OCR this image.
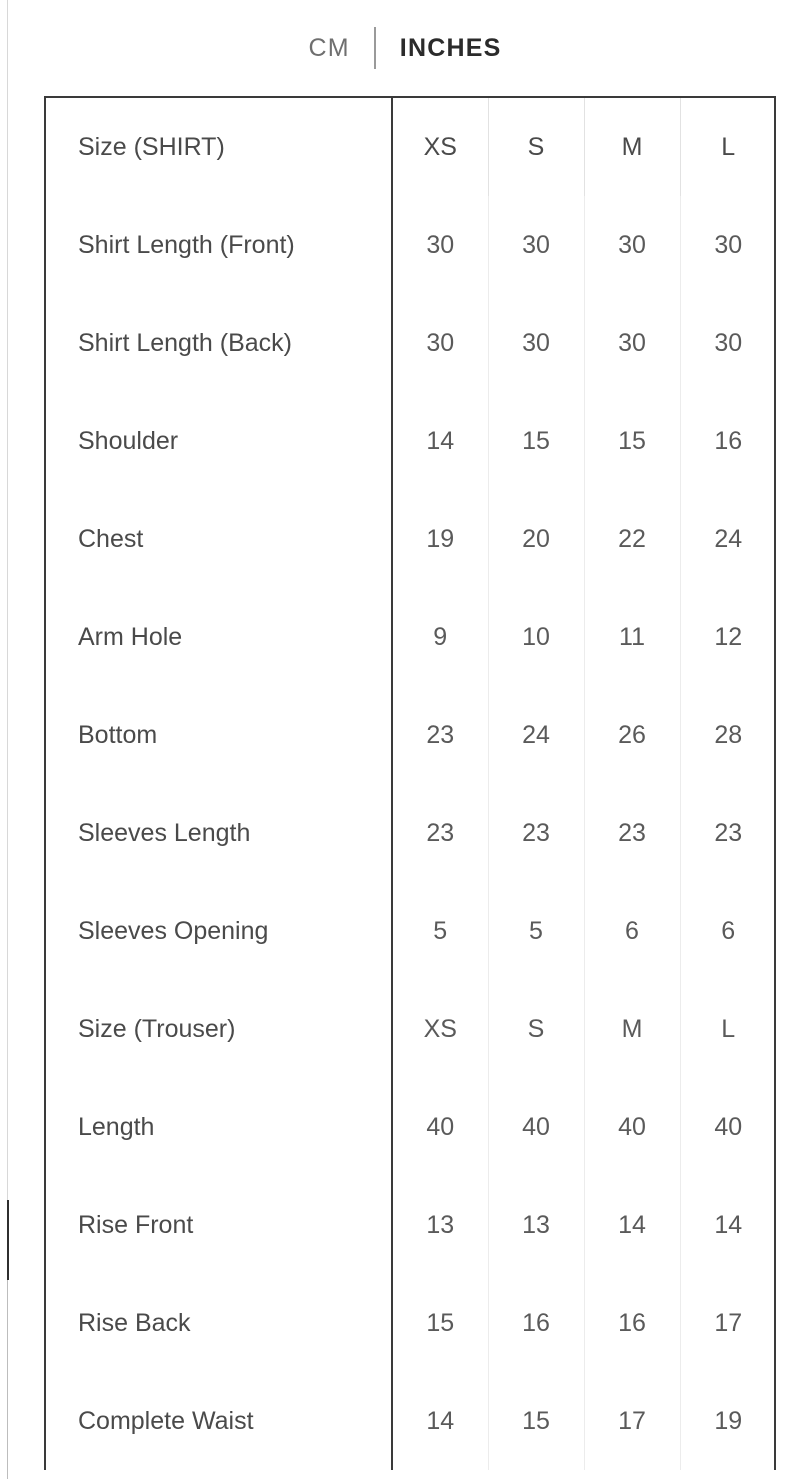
CM	INCHES
Size (SHIRT)	XS	S	M	L
Shirt Length (Front)	30	30	30	30
Shirt Length (Back)	30	30	30	30
Shoulder	14	15	15	16
Chest	19	20	22	24
Arm Hole	9	10	11	12
Bottom	23	24	26	28
Sleeves Length	23	23	23	23
Sleeves Opening	5	5	6	6
Size (Trouser)	XS	S	M	L
Length	40	40	40	40
Rise Front	13	13	14	14
Rise Back	15	16	16	17
Complete Waist	14	15	17	19
